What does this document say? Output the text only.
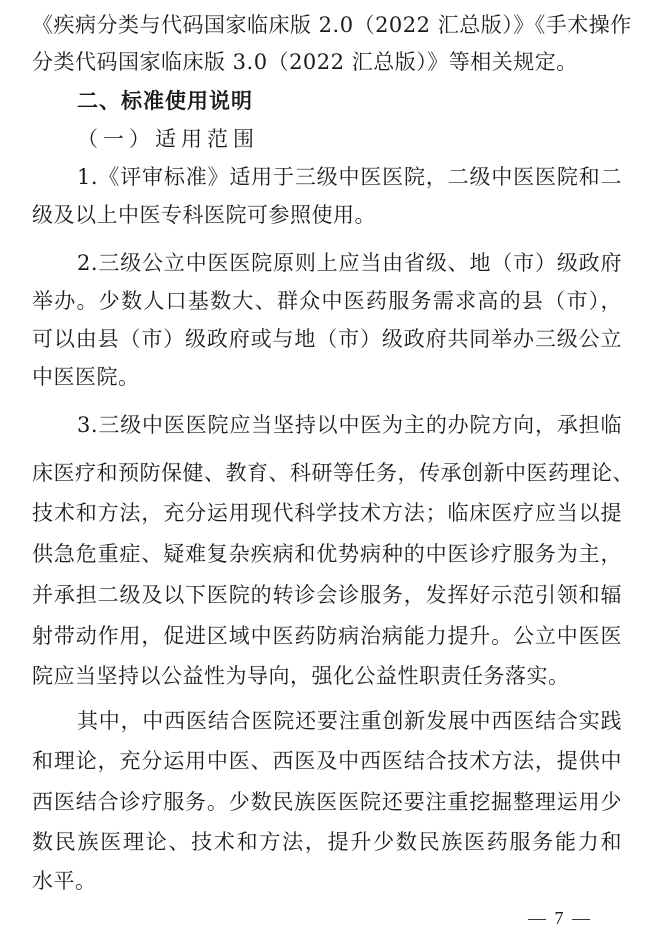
《疾病分类与代码国家临床版 2.0（2022 汇总版）》《手术操作
分类代码国家临床版 3.0（2022 汇总版）》等相关规定。
二、标准使用说明
（一）适用范围
1.《评审标准》适用于三级中医医院，二级中医医院和二
级及以上中医专科医院可参照使用。
2.三级公立中医医院原则上应当由省级、地（市）级政府
举办。少数人口基数大、群众中医药服务需求高的县（市），
可以由县（市）级政府或与地（市）级政府共同举办三级公立
中医医院。
3.三级中医医院应当坚持以中医为主的办院方向，承担临
床医疗和预防保健、教育、科研等任务，传承创新中医药理论、
技术和方法，充分运用现代科学技术方法；临床医疗应当以提
供急危重症、疑难复杂疾病和优势病种的中医诊疗服务为主，
并承担二级及以下医院的转诊会诊服务，发挥好示范引领和辐
射带动作用，促进区域中医药防病治病能力提升。公立中医医
院应当坚持以公益性为导向，强化公益性职责任务落实。
其中，中西医结合医院还要注重创新发展中西医结合实践
和理论，充分运用中医、西医及中西医结合技术方法，提供中
西医结合诊疗服务。少数民族医医院还要注重挖掘整理运用少
数民族医理论、技术和方法，提升少数民族医药服务能力和
水平。
— 7 —
